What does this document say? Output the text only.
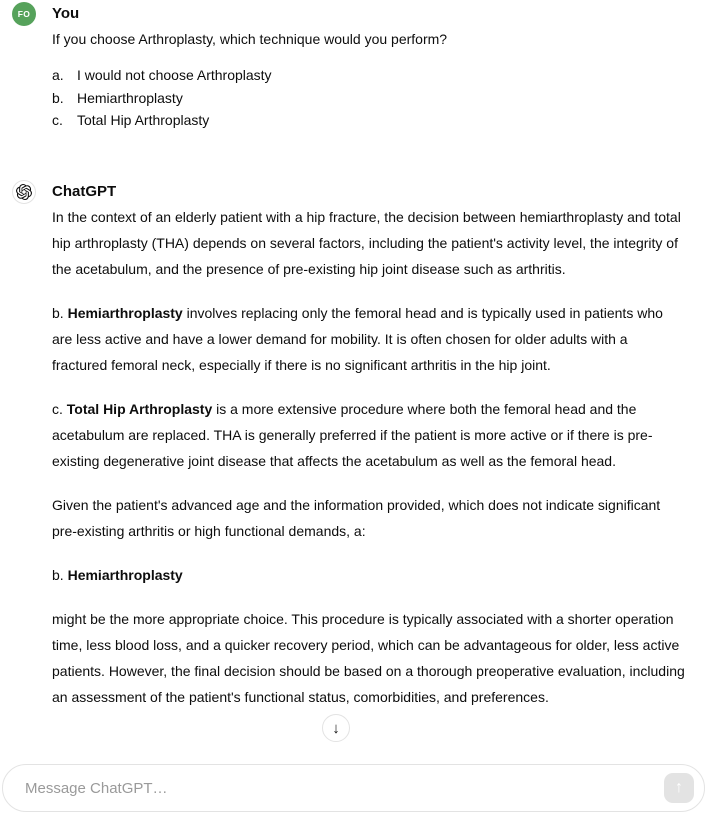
FO You
If you choose Arthroplasty, which technique would you perform?
a. I would not choose Arthroplasty
b. Hemiarthroplasty
c.	Total Hip Arthroplasty
ChatGPT

In the context of an elderly patient with a hip fracture, the decision between hemiarthroplasty and total hip arthroplasty (THA) depends on several factors, including the patient's activity level, the integrity of the acetabulum, and the presence of pre-existing hip joint disease such as arthritis.

b. Hemiarthroplasty involves replacing only the femoral head and is typically used in patients who are less active and have a lower demand for mobility. It is often chosen for older adults with a fractured femoral neck, especially if there is no significant arthritis in the hip joint.

c. Total Hip Arthroplasty is a more extensive procedure where both the femoral head and the acetabulum are replaced. THA is generally preferred if the patient is more active or if there is pre-existing degenerative joint disease that affects the acetabulum as well as the femoral head.

Given the patient's advanced age and the information provided, which does not indicate significant pre-existing arthritis or high functional demands, a:

b. Hemiarthroplasty

might be the more appropriate choice. This procedure is typically associated with a shorter operation time, less blood loss, and a quicker recovery period, which can be advantageous for older, less active patients. However, the final decision should be based on a thorough preoperative evaluation, including an assessment of the patient's functional status, comorbidities, and preferences.

↓
Message ChatGPT…
↑
